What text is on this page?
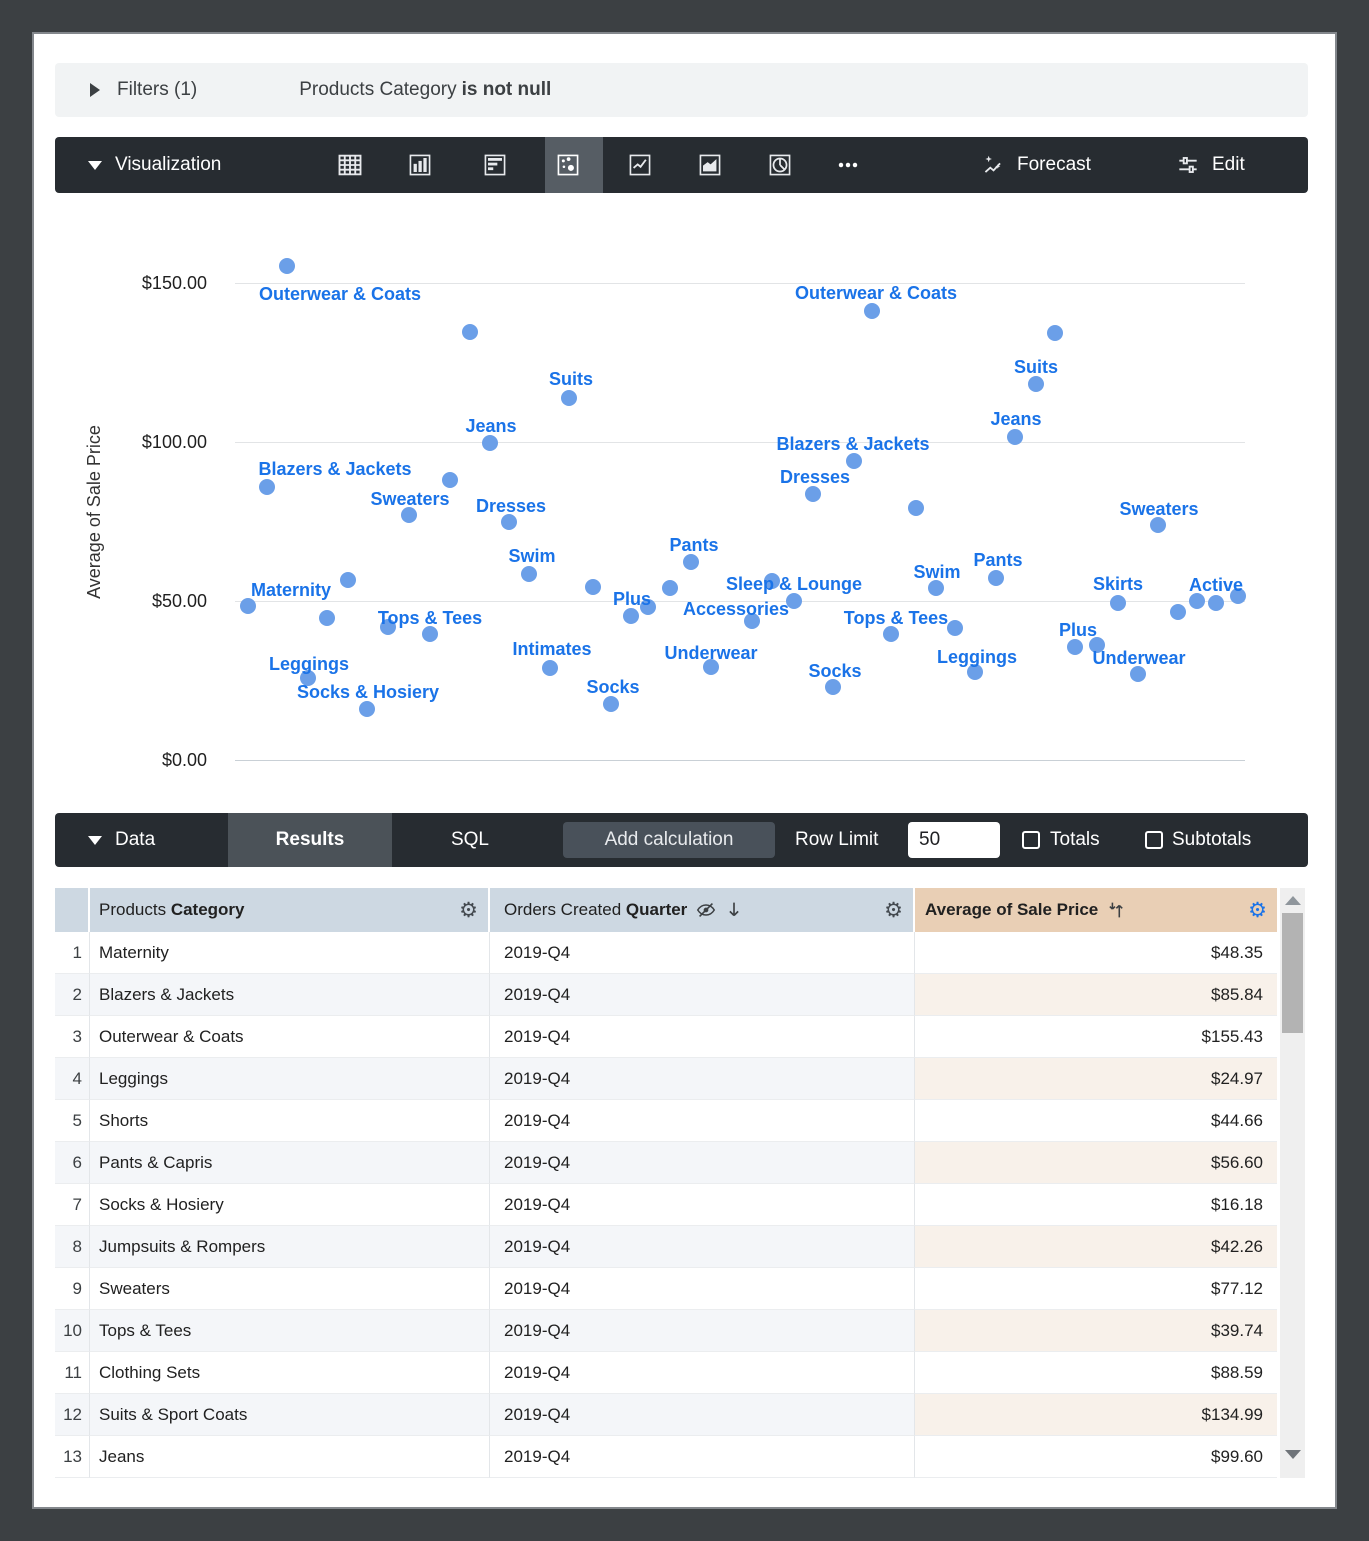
Filters (1)	Products Category is not null
Visualization	Forecast	Edit
Average of Sale Price
$150.00
$100.00
$50.00
$0.00
Outerwear & Coats
Suits
Jeans
Blazers & Jackets
Sweaters Dresses
Swim
Pants
Maternity
Tops & Tees
Plus
Sleep & Lounge
Accessories
Underwear
Intimates
Socks
Leggings
Socks & Hosiery
Outerwear & Coats
Suits
Jeans
Blazers & Jackets
Dresses
Sweaters
Swim
Pants
Skirts	Active
Tops & Tees
Leggings
Plus
Underwear
Socks
Data	Results	SQL	Add calculation	Row Limit
50	Totals	Subtotals
Products Category	⚙ Orders Created Quarter	⚙ Average of Sale Price	⚙
1	Maternity	2019-Q4	$48.35
2	Blazers & Jackets	2019-Q4	$85.84
3	Outerwear & Coats	2019-Q4	$155.43
4	Leggings	2019-Q4	$24.97
5	Shorts	2019-Q4	$44.66
6	Pants & Capris	2019-Q4	$56.60
7	Socks & Hosiery	2019-Q4	$16.18
8	Jumpsuits & Rompers	2019-Q4	$42.26
9	Sweaters	2019-Q4	$77.12
10	Tops & Tees	2019-Q4	$39.74
11	Clothing Sets	2019-Q4	$88.59
12	Suits & Sport Coats	2019-Q4	$134.99
13	Jeans	2019-Q4	$99.60
